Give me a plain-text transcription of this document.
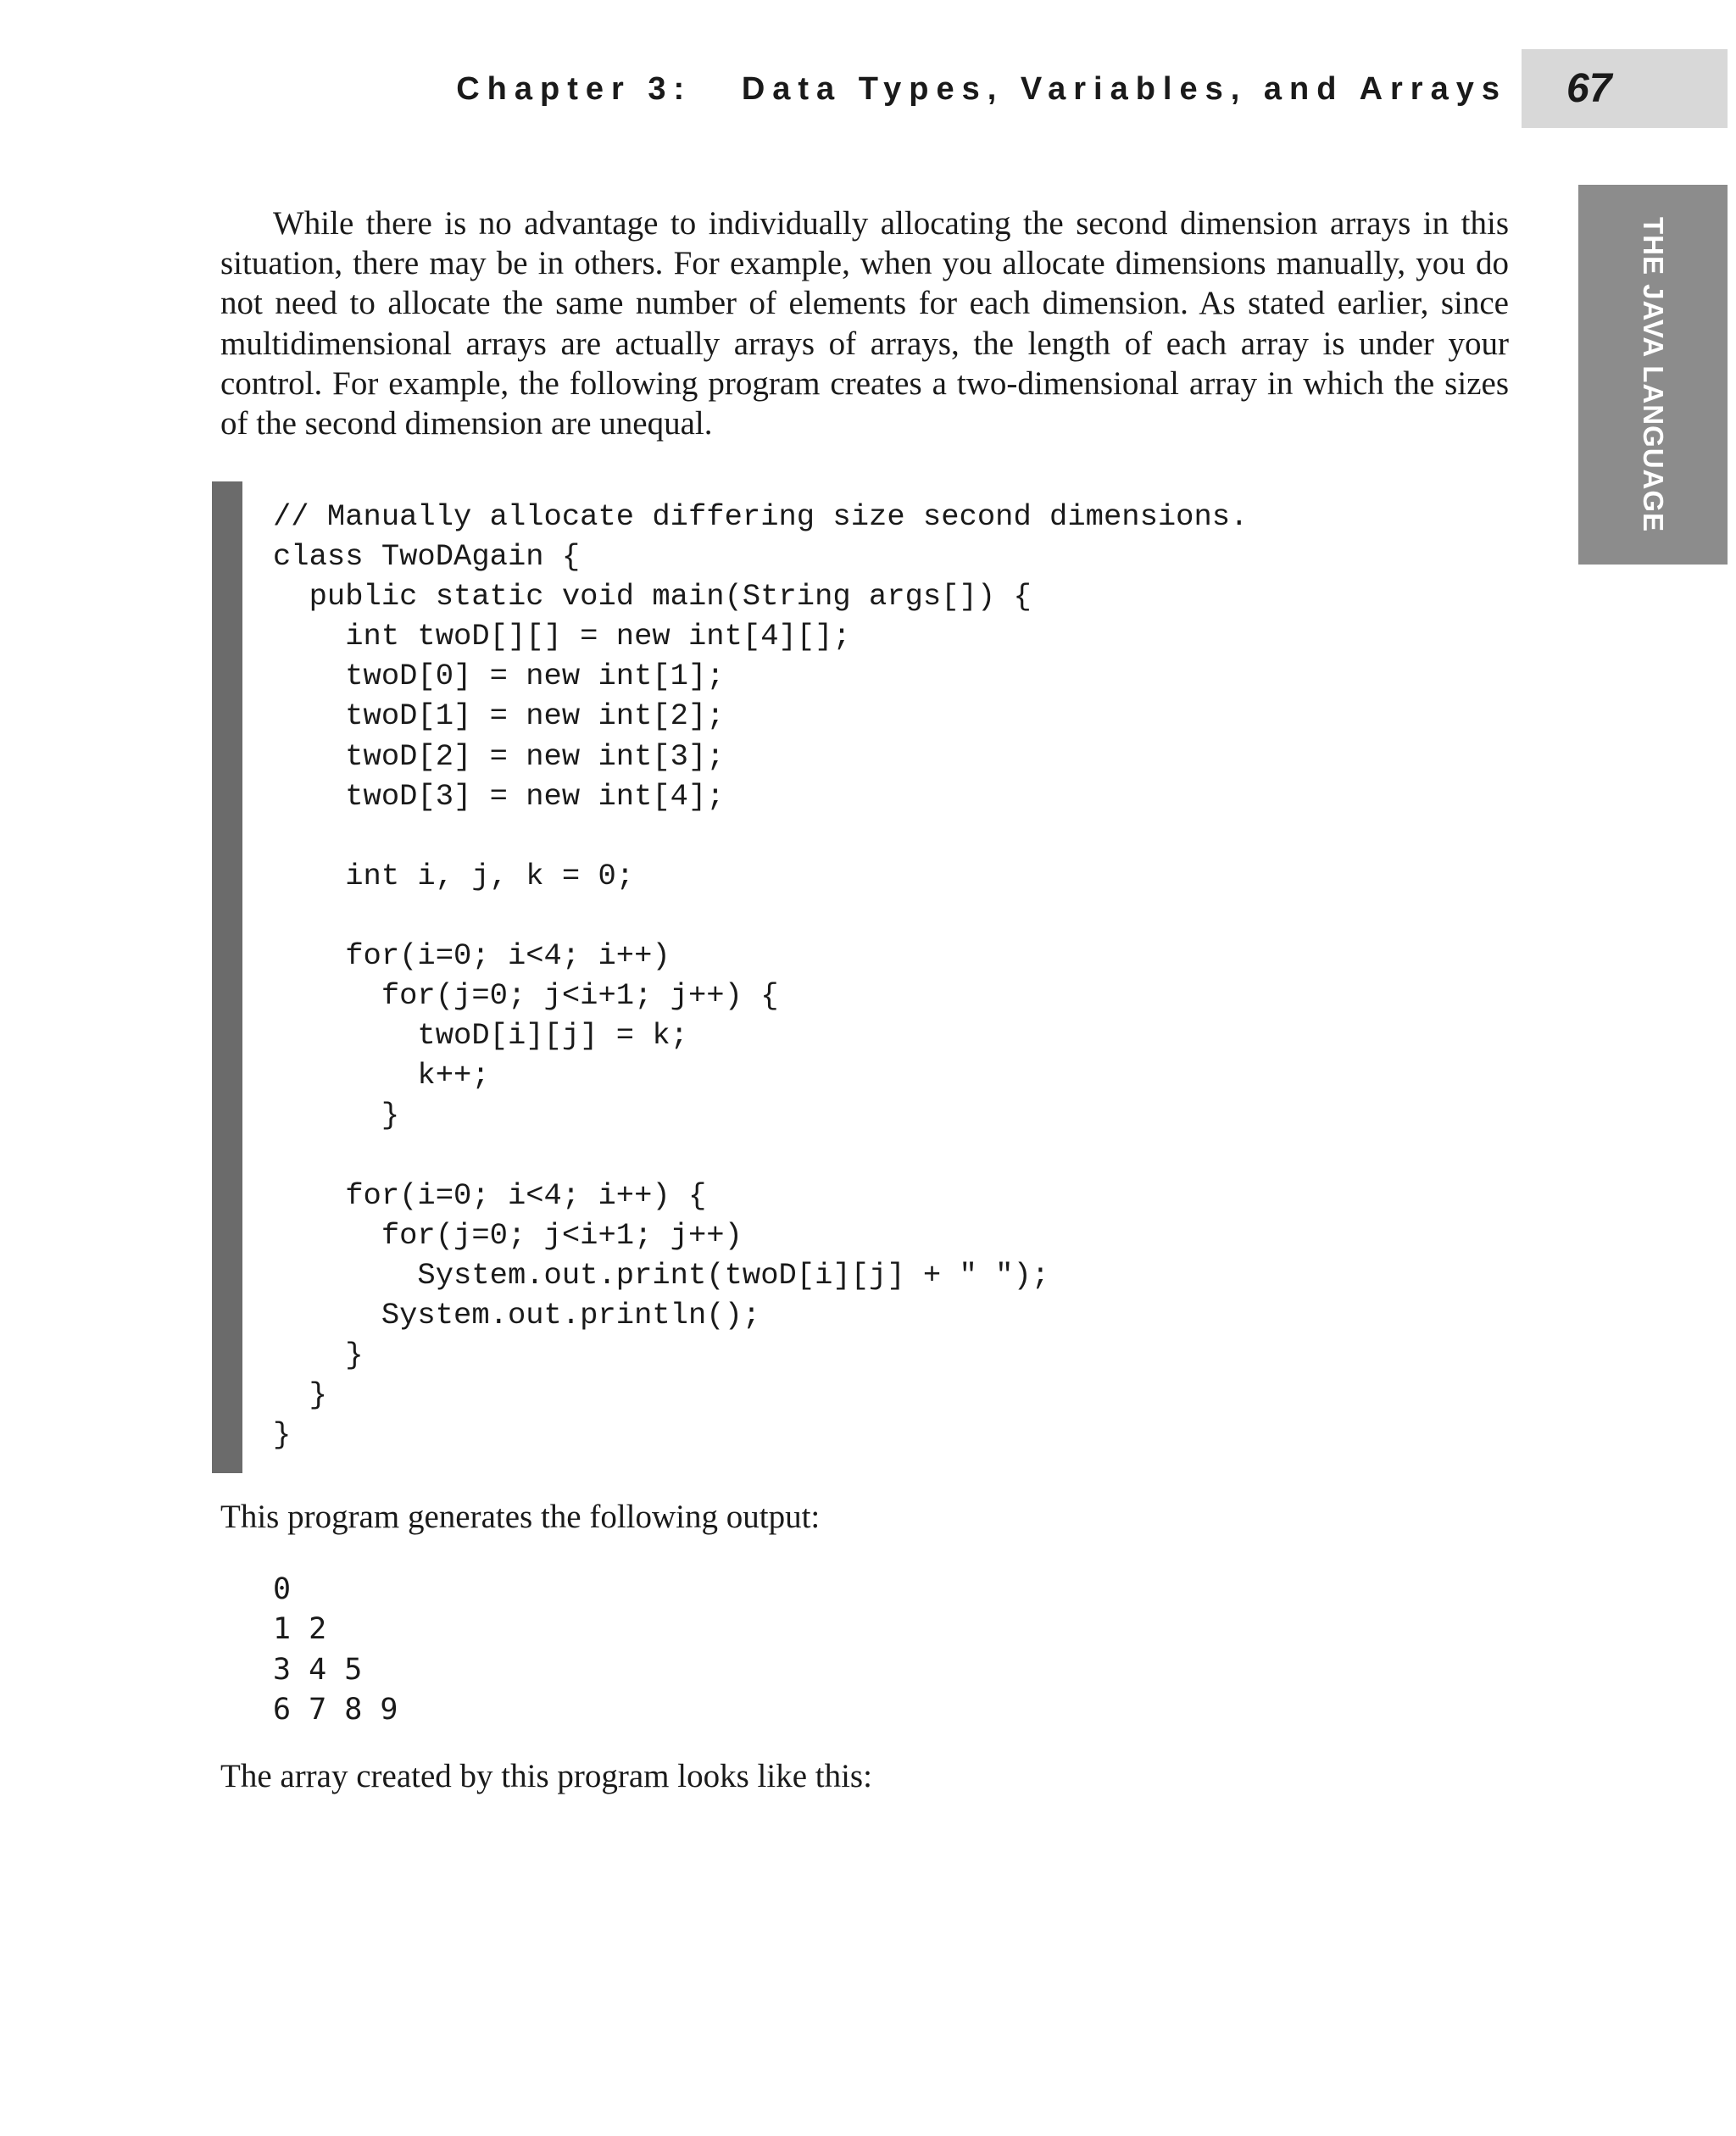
Chapter 3:   Data Types, Variables, and Arrays 67
THE JAVA LANGUAGE

While there is no advantage to individually allocating the second dimension arrays in this situation, there may be in others. For example, when you allocate dimensions manually, you do not need to allocate the same number of elements for each dimension. As stated earlier, since multidimensional arrays are actually arrays of arrays, the length of each array is under your control. For example, the following program creates a two-dimensional array in which the sizes of the second dimension are unequal.

// Manually allocate differing size second dimensions.
class TwoDAgain {
public static void main(String args[]) {
int twoD[][] = new int[4][];
twoD[0] = new int[1];
twoD[1] = new int[2];
twoD[2] = new int[3];
twoD[3] = new int[4];

int i, j, k = 0;

for(i=0; i<4; i++)
for(j=0; j<i+1; j++) {
twoD[i][j] = k;
k++;
}

for(i=0; i<4; i++) {
for(j=0; j<i+1; j++)
System.out.print(twoD[i][j] + " ");
System.out.println();
}
}
}

This program generates the following output:

0
1 2
3 4 5
6 7 8 9

The array created by this program looks like this:
